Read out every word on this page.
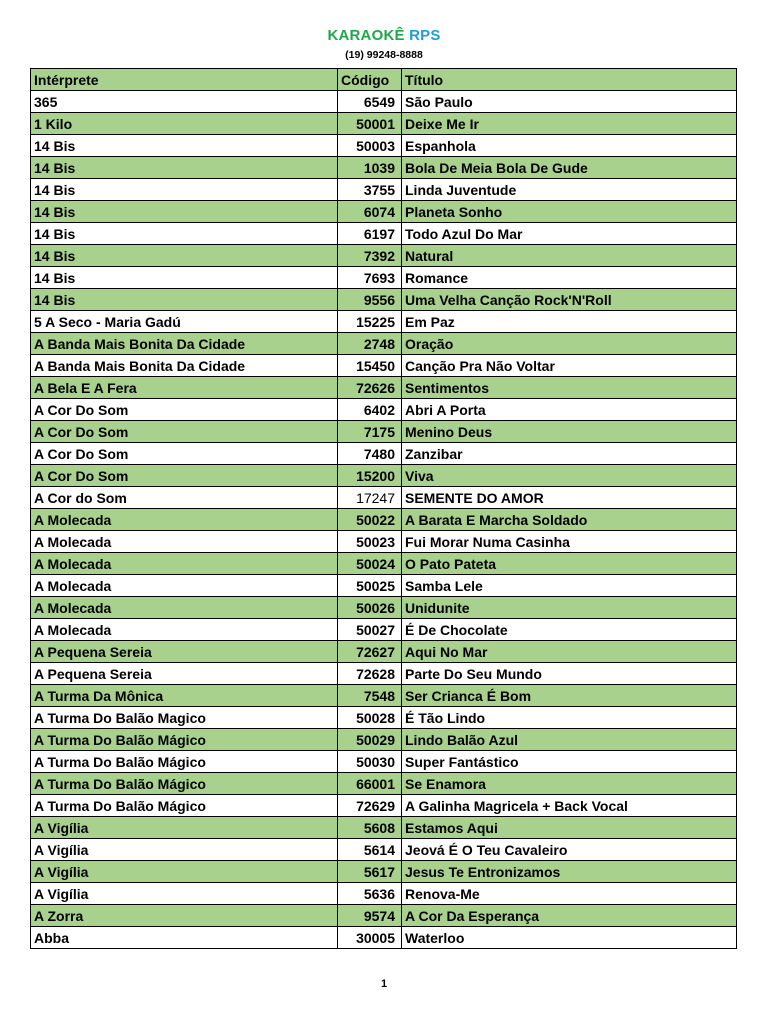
KARAOKÊ RPS
(19) 99248-8888
Intérprete	Código	Título
365	6549	São Paulo
1 Kilo	50001	Deixe Me Ir
14 Bis	50003	Espanhola
14 Bis	1039	Bola De Meia Bola De Gude
14 Bis	3755	Linda Juventude
14 Bis	6074	Planeta Sonho
14 Bis	6197	Todo Azul Do Mar
14 Bis	7392	Natural
14 Bis	7693	Romance
14 Bis	9556	Uma Velha Canção Rock'N'Roll
5 A Seco - Maria Gadú	15225	Em Paz
A Banda Mais Bonita Da Cidade	2748	Oração
A Banda Mais Bonita Da Cidade	15450	Canção Pra Não Voltar
A Bela E A Fera	72626	Sentimentos
A Cor Do Som	6402	Abri A Porta
A Cor Do Som	7175	Menino Deus
A Cor Do Som	7480	Zanzibar
A Cor Do Som	15200	Viva
A Cor do Som	17247	SEMENTE DO AMOR
A Molecada	50022	A Barata E Marcha Soldado
A Molecada	50023	Fui Morar Numa Casinha
A Molecada	50024	O Pato Pateta
A Molecada	50025	Samba Lele
A Molecada	50026	Unidunite
A Molecada	50027	É De Chocolate
A Pequena Sereia	72627	Aqui No Mar
A Pequena Sereia	72628	Parte Do Seu Mundo
A Turma Da Mônica	7548	Ser Crianca É Bom
A Turma Do Balão Magico	50028	É Tão Lindo
A Turma Do Balão Mágico	50029	Lindo Balão Azul
A Turma Do Balão Mágico	50030	Super Fantástico
A Turma Do Balão Mágico	66001	Se Enamora
A Turma Do Balão Mágico	72629	A Galinha Magricela + Back Vocal
A Vigília	5608	Estamos Aqui
A Vigília	5614	Jeová É O Teu Cavaleiro
A Vigília	5617	Jesus Te Entronizamos
A Vigília	5636	Renova-Me
A Zorra	9574	A Cor Da Esperança
Abba	30005	Waterloo
1
